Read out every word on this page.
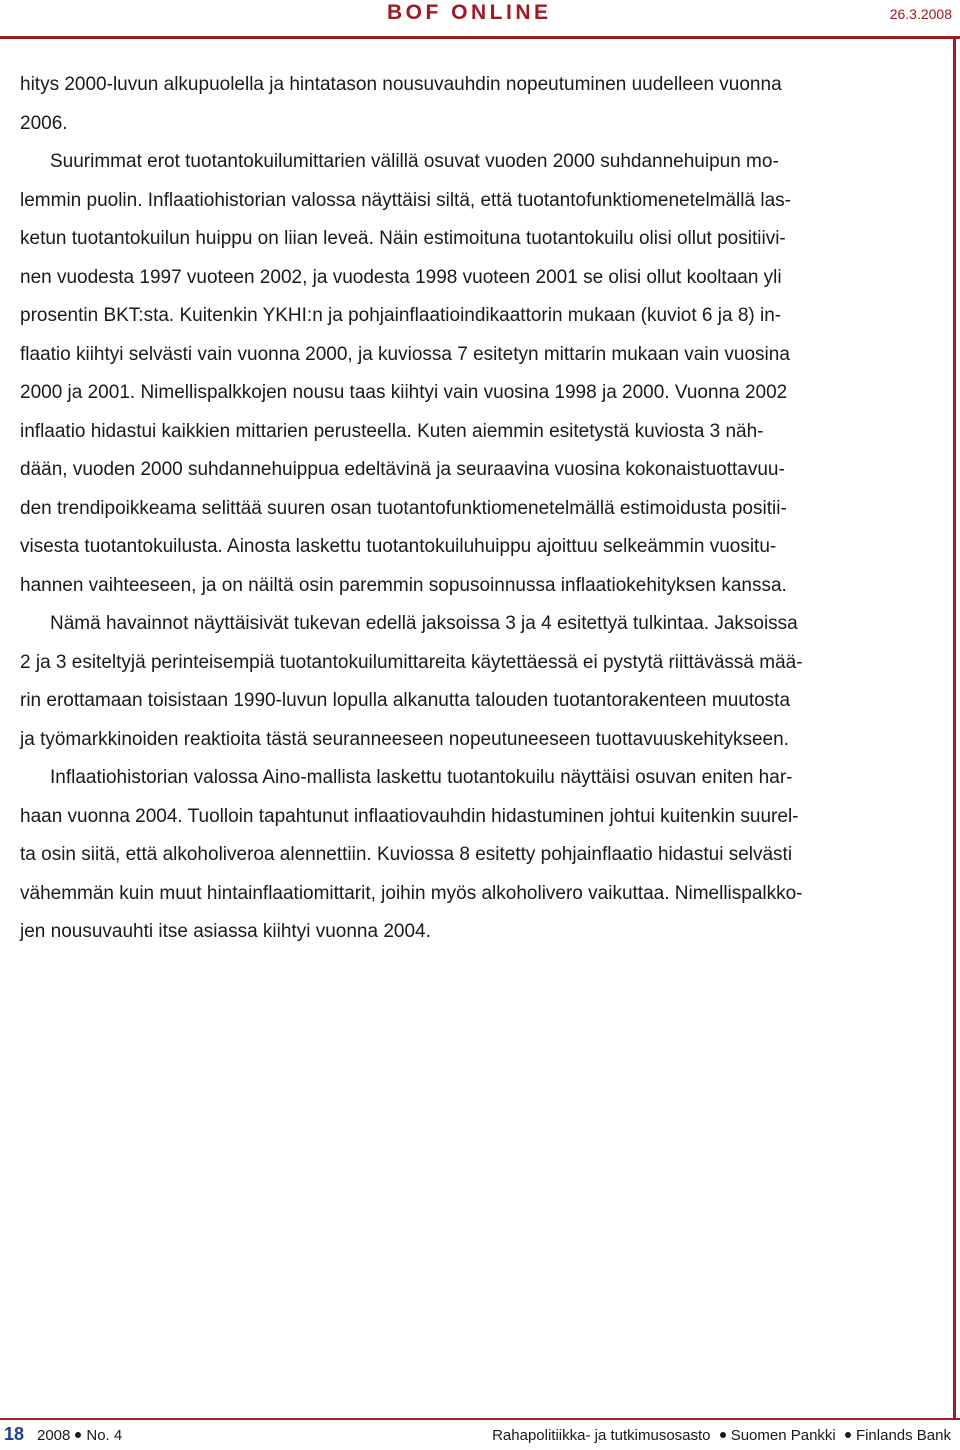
BOF ONLINE	26.3.2008
hitys 2000-luvun alkupuolella ja hintatason nousuvauhdin nopeutuminen uudelleen vuonna
2006.
Suurimmat erot tuotantokuilumittarien välillä osuvat vuoden 2000 suhdannehuipun mo-
lemmin puolin. Inflaatiohistorian valossa näyttäisi siltä, että tuotantofunktiomenetelmällä las-
ketun tuotantokuilun huippu on liian leveä. Näin estimoituna tuotantokuilu olisi ollut positiivi-
nen vuodesta 1997 vuoteen 2002, ja vuodesta 1998 vuoteen 2001 se olisi ollut kooltaan yli
prosentin BKT:sta. Kuitenkin YKHI:n ja pohjainflaatioindikaattorin mukaan (kuviot 6 ja 8) in-
flaatio kiihtyi selvästi vain vuonna 2000, ja kuviossa 7 esitetyn mittarin mukaan vain vuosina
2000 ja 2001. Nimellispalkkojen nousu taas kiihtyi vain vuosina 1998 ja 2000. Vuonna 2002
inflaatio hidastui kaikkien mittarien perusteella. Kuten aiemmin esitetystä kuviosta 3 näh-
dään, vuoden 2000 suhdannehuippua edeltävinä ja seuraavina vuosina kokonaistuottavuu-
den trendipoikkeama selittää suuren osan tuotantofunktiomenetelmällä estimoidusta positii-
visesta tuotantokuilusta. Ainosta laskettu tuotantokuiluhuippu ajoittuu selkeämmin vuositu-
hannen vaihteeseen, ja on näiltä osin paremmin sopusoinnussa inflaatiokehityksen kanssa.
Nämä havainnot näyttäisivät tukevan edellä jaksoissa 3 ja 4 esitettyä tulkintaa. Jaksoissa
2 ja 3 esiteltyjä perinteisempiä tuotantokuilumittareita käytettäessä ei pystytä riittävässä mää-
rin erottamaan toisistaan 1990-luvun lopulla alkanutta talouden tuotantorakenteen muutosta
ja työmarkkinoiden reaktioita tästä seuranneeseen nopeutuneeseen tuottavuuskehitykseen.
Inflaatiohistorian valossa Aino-mallista laskettu tuotantokuilu näyttäisi osuvan eniten har-
haan vuonna 2004. Tuolloin tapahtunut inflaatiovauhdin hidastuminen johtui kuitenkin suurel-
ta osin siitä, että alkoholiveroa alennettiin. Kuviossa 8 esitetty pohjainflaatio hidastui selvästi
vähemmän kuin muut hintainflaatiomittarit, joihin myös alkoholivero vaikuttaa. Nimellispalkko-
jen nousuvauhti itse asiassa kiihtyi vuonna 2004.
18 2008 No. 4	Rahapolitiikka- ja tutkimusosasto Suomen Pankki Finlands Bank
